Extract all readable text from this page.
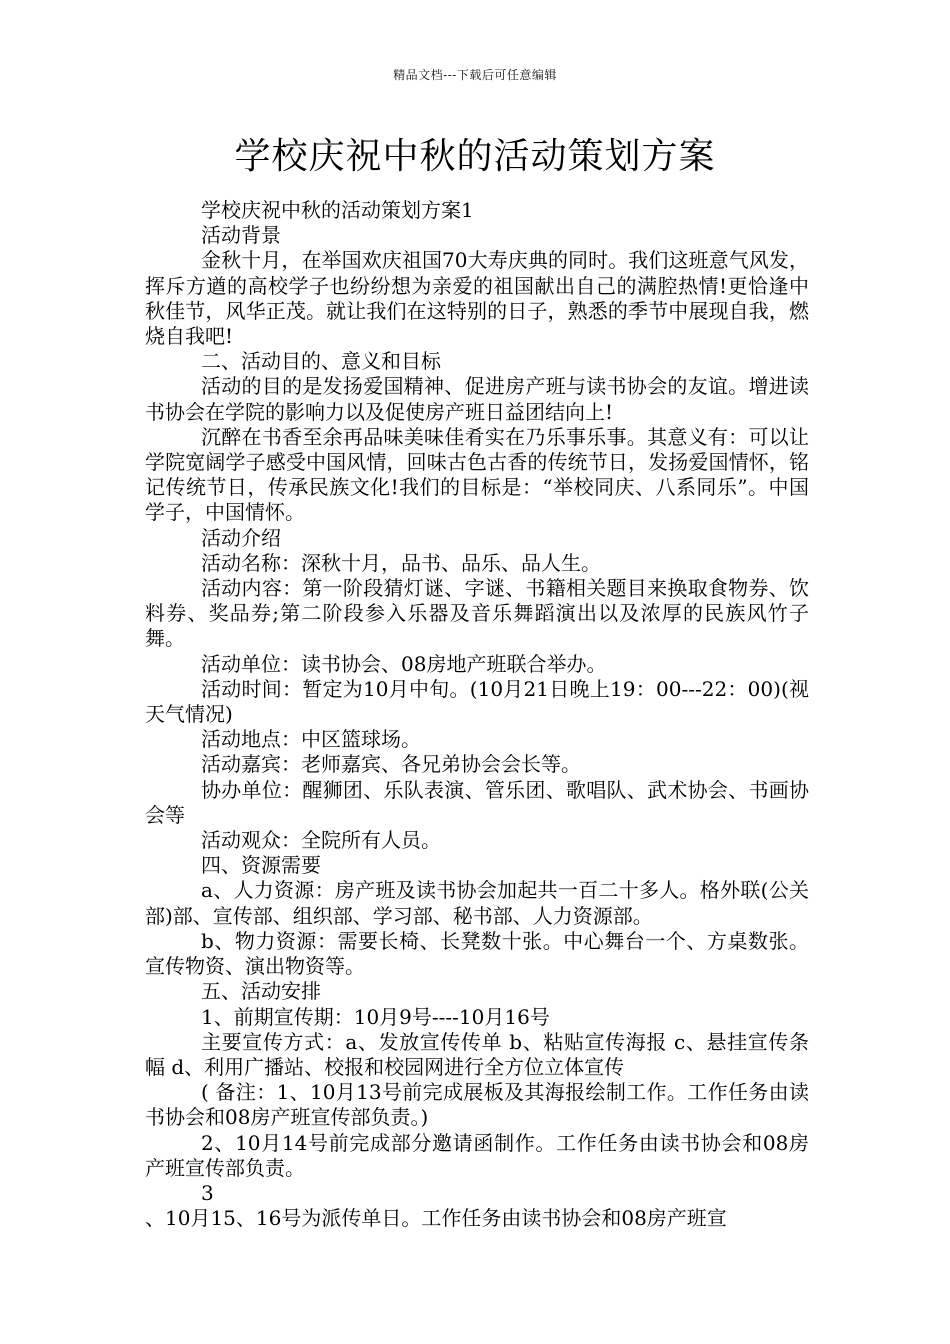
精品文档---下载后可任意编辑
学校庆祝中秋的活动策划方案

学校庆祝中秋的活动策划方案1

活动背景

金秋十月，在举国欢庆祖国70大寿庆典的同时。我们这班意气风发，挥斥方遒的高校学子也纷纷想为亲爱的祖国献出自己的满腔热情!更恰逢中秋佳节，风华正茂。就让我们在这特别的日子，熟悉的季节中展现自我，燃烧自我吧!

二、活动目的、意义和目标

活动的目的是发扬爱国精神、促进房产班与读书协会的友谊。增进读书协会在学院的影响力以及促使房产班日益团结向上!

沉醉在书香至余再品味美味佳肴实在乃乐事乐事。其意义有：可以让学院宽阔学子感受中国风情，回味古色古香的传统节日，发扬爱国情怀，铭记传统节日，传承民族文化!我们的目标是：“举校同庆、八系同乐”。中国学子，中国情怀。

活动介绍

活动名称：深秋十月，品书、品乐、品人生。

活动内容：第一阶段猜灯谜、字谜、书籍相关题目来换取食物券、饮料券、奖品券;第二阶段参入乐器及音乐舞蹈演出以及浓厚的民族风竹子舞。

活动单位：读书协会、08房地产班联合举办。

活动时间：暂定为10月中旬。(10月21日晚上19：00---22：00)(视天气情况)

活动地点：中区篮球场。

活动嘉宾：老师嘉宾、各兄弟协会会长等。

协办单位：醒狮团、乐队表演、管乐团、歌唱队、武术协会、书画协会等

活动观众：全院所有人员。

四、资源需要

a、人力资源：房产班及读书协会加起共一百二十多人。格外联(公关部)部、宣传部、组织部、学习部、秘书部、人力资源部。

b、物力资源：需要长椅、长凳数十张。中心舞台一个、方桌数张。宣传物资、演出物资等。

五、活动安排

1、前期宣传期：10月9号----10月16号

主要宣传方式：a、发放宣传传单 b、粘贴宣传海报 c、悬挂宣传条幅 d、利用广播站、校报和校园网进行全方位立体宣传

( 备注：1、10月13号前完成展板及其海报绘制工作。工作任务由读书协会和08房产班宣传部负责。)

2、10月14号前完成部分邀请函制作。工作任务由读书协会和08房产班宣传部负责。

3

、10月15、16号为派传单日。工作任务由读书协会和08房产班宣
